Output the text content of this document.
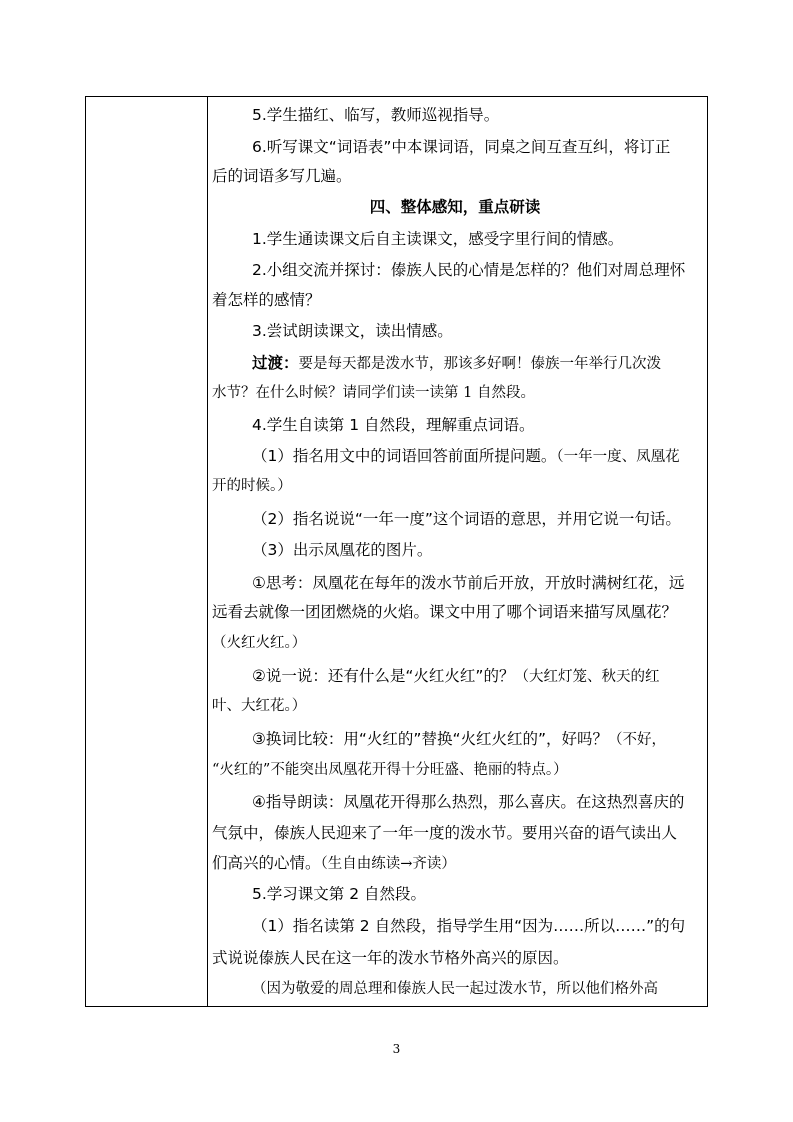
5.学生描红、临写，教师巡视指导。
6.听写课文“词语表”中本课词语，同桌之间互查互纠，将订正
后的词语多写几遍。
四、整体感知，重点研读
1.学生通读课文后自主读课文，感受字里行间的情感。
2.小组交流并探讨：傣族人民的心情是怎样的？他们对周总理怀
着怎样的感情？
3.尝试朗读课文，读出情感。
过渡：要是每天都是泼水节，那该多好啊！傣族一年举行几次泼
水节？在什么时候？请同学们读一读第 1 自然段。
4.学生自读第 1 自然段，理解重点词语。
（1）指名用文中的词语回答前面所提问题。（一年一度、凤凰花
开的时候。）
（2）指名说说“一年一度”这个词语的意思，并用它说一句话。
（3）出示凤凰花的图片。
①思考：凤凰花在每年的泼水节前后开放，开放时满树红花，远
远看去就像一团团燃烧的火焰。课文中用了哪个词语来描写凤凰花？
（火红火红。）
②说一说：还有什么是“火红火红”的？（大红灯笼、秋天的红
叶、大红花。）
③换词比较：用“火红的”替换“火红火红的”，好吗？（不好，
“火红的”不能突出凤凰花开得十分旺盛、艳丽的特点。）
④指导朗读：凤凰花开得那么热烈，那么喜庆。在这热烈喜庆的
气氛中，傣族人民迎来了一年一度的泼水节。要用兴奋的语气读出人
们高兴的心情。（生自由练读→齐读）
5.学习课文第 2 自然段。
（1）指名读第 2 自然段，指导学生用“因为……所以……”的句
式说说傣族人民在这一年的泼水节格外高兴的原因。
（因为敬爱的周总理和傣族人民一起过泼水节，所以他们格外高
3
